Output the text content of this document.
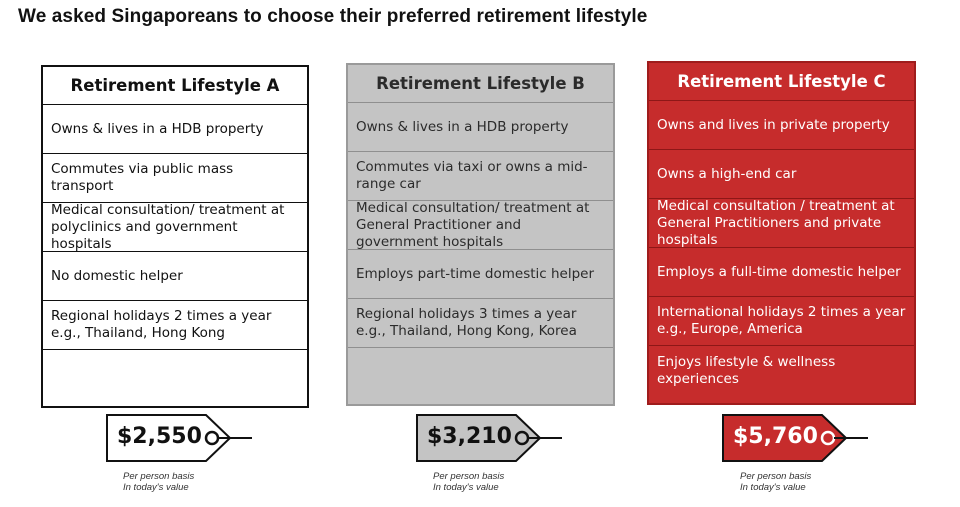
We asked Singaporeans to choose their preferred retirement lifestyle
Retirement Lifestyle A
Owns & lives in a HDB property
Commutes via public mass transport
Medical consultation/ treatment at polyclinics and government hospitals
No domestic helper
Regional holidays 2 times a year e.g., Thailand, Hong Kong
Retirement Lifestyle B
Owns & lives in a HDB property
Commutes via taxi or owns a mid-range car
Medical consultation/ treatment at General Practitioner and government hospitals
Employs part-time domestic helper
Regional holidays 3 times a year e.g., Thailand, Hong Kong, Korea
Retirement Lifestyle C
Owns and lives in private property
Owns a high-end car
Medical consultation / treatment at General Practitioners and private hospitals
Employs a full-time domestic helper
International holidays 2 times a year e.g., Europe, America
Enjoys lifestyle & wellness experiences
$2,550	$3,210	$5,760
Per person basis
In today's value
Per person basis
In today's value
Per person basis
In today's value
